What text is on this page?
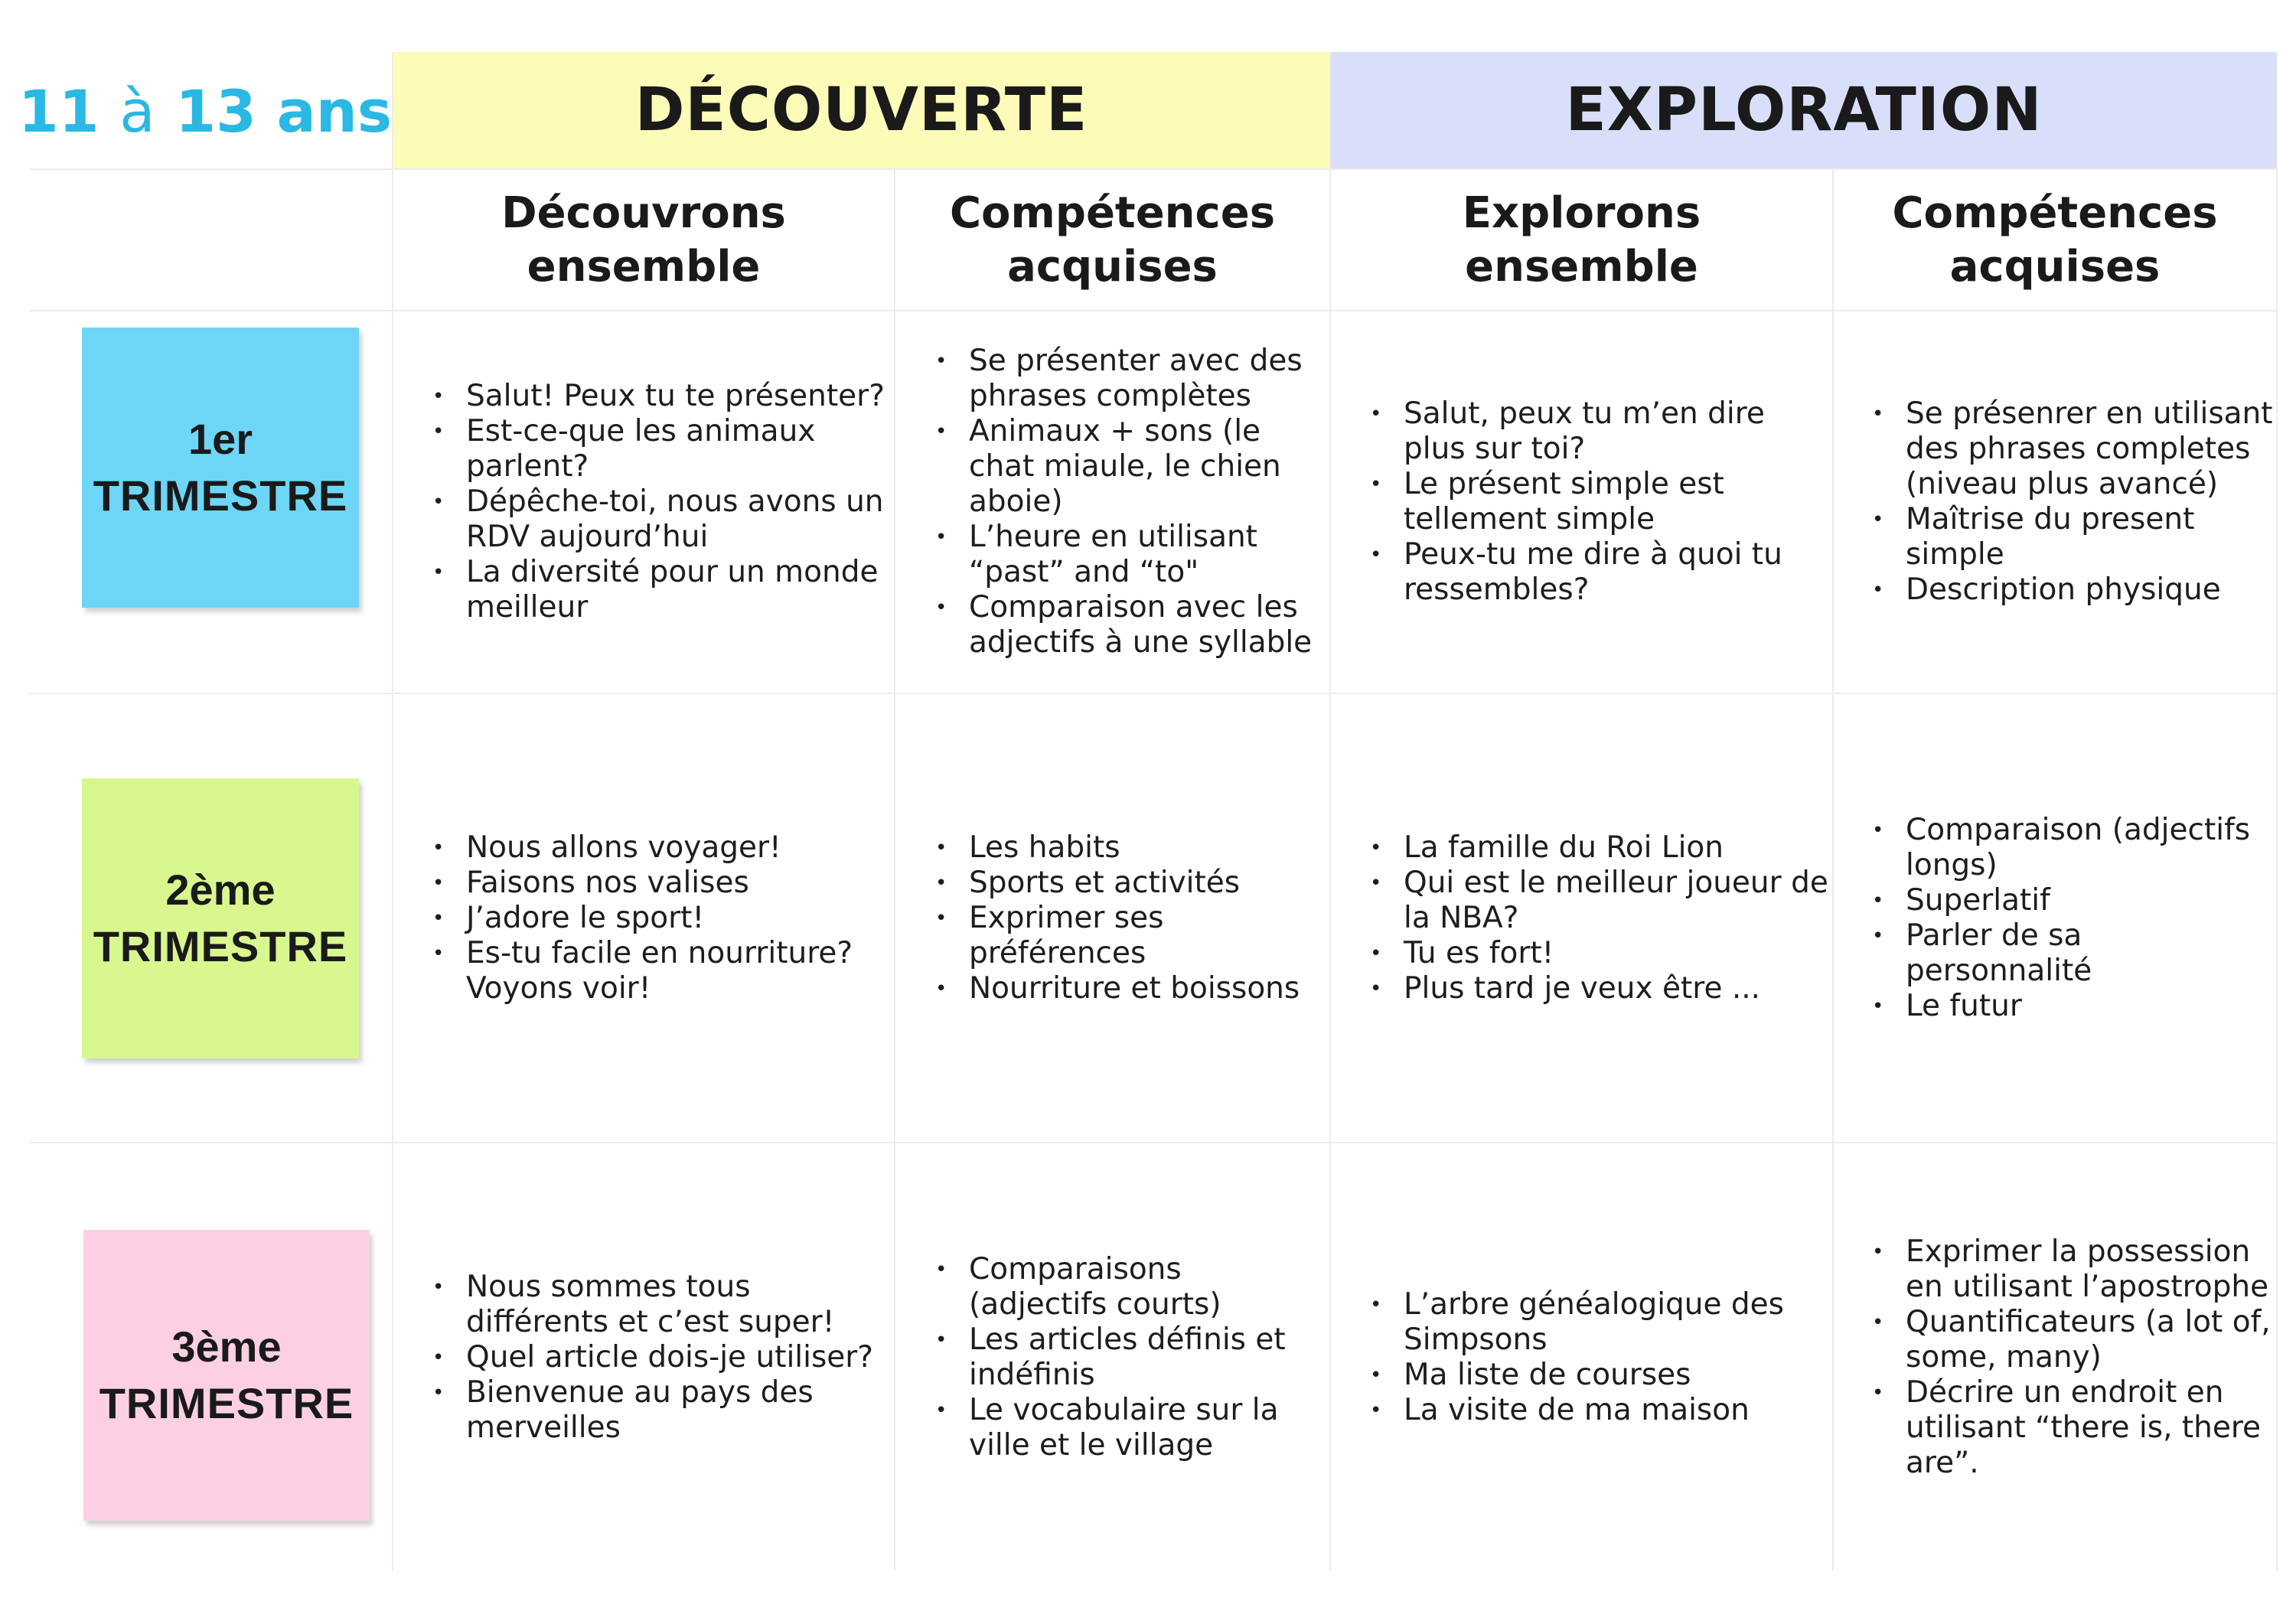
11
à
13
ans	DÉCOUVERTE	EXPLORATION
Découvrons
ensemble
Compétences
acquises
Explorons
ensemble
Compétences
acquises
1er
TRIMESTRE
• Salut! Peux tu te présenter?
• Est-ce-que les animaux parlent?
• Dépêche-toi, nous avons un RDV aujourd’hui
• La diversité pour un monde meilleur
• Se présenter avec des phrases complètes
• Animaux + sons (le chat miaule, le chien aboie)
• L’heure en utilisant “past” and “to"
• Comparaison avec les adjectifs à une syllable
• Salut, peux tu m’en dire plus sur toi?
• Le présent simple est tellement simple
• Peux-tu me dire à quoi tu ressembles?
• Se présenrer en utilisant des phrases completes (niveau plus avancé)
• Maîtrise du present simple
• Description physique
2ème
TRIMESTRE
• Nous allons voyager!
• Faisons nos valises
• J’adore le sport!
• Es-tu facile en nourriture? Voyons voir!
• Les habits
• Sports et activités
• Exprimer ses préférences
• Nourriture et boissons
• La famille du Roi Lion
• Qui est le meilleur joueur de la NBA?
• Tu es fort!
• Plus tard je veux être ...
• Comparaison (adjectifs longs)
• Superlatif
• Parler de sa personnalité
• Le futur
3ème
TRIMESTRE
• Nous sommes tous différents et c’est super!
• Quel article dois-je utiliser?
• Bienvenue au pays des merveilles
• Comparaisons (adjectifs courts)
• Les articles définis et indéfinis
• Le vocabulaire sur la ville et le village
• L’arbre généalogique des Simpsons
• Ma liste de courses
• La visite de ma maison
• Exprimer la possession en utilisant l’apostrophe
• Quantificateurs (a lot of, some, many)
• Décrire un endroit en utilisant “there is, there are”.
